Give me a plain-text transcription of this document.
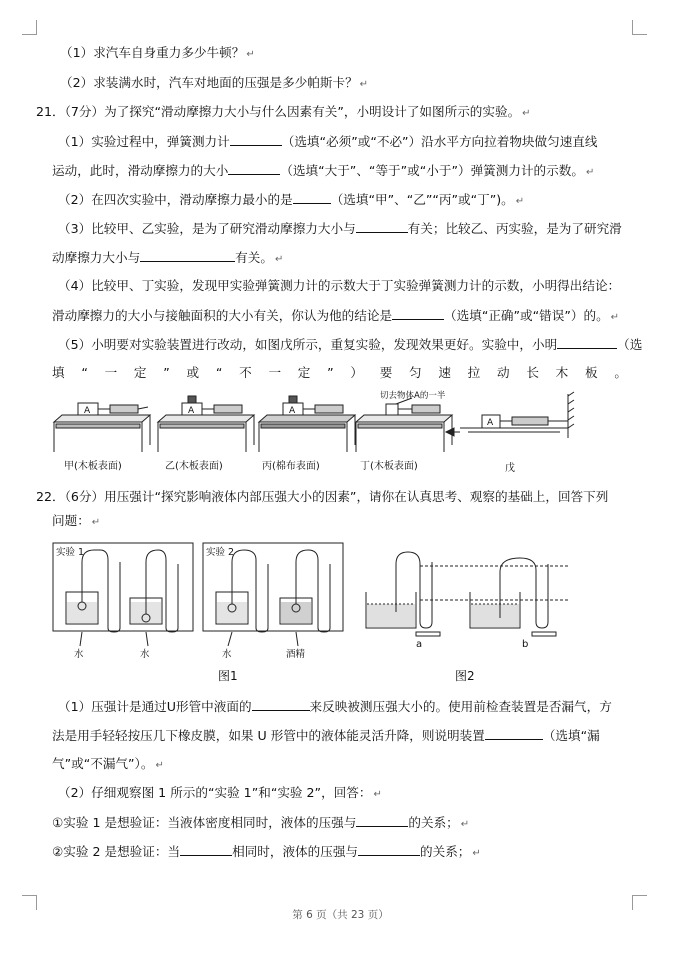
（1）求汽车自身重力多少牛顿？ ↵
（2）求装满水时，汽车对地面的压强是多少帕斯卡？ ↵
21．（7分）为了探究“滑动摩擦力大小与什么因素有关”，小明设计了如图所示的实验。 ↵
（1）实验过程中，弹簧测力计	（选填“必须”或“不必”）沿水平方向拉着物块做匀速直线
运动，此时，滑动摩擦力的大小	（选填“大于”、“等于”或“小于”）弹簧测力计的示数。 ↵
（2）在四次实验中，滑动摩擦力最小的是	（选填“甲”、“乙”“丙”或“丁”)。 ↵
（3）比较甲、乙实验，是为了研究滑动摩擦力大小与	有关；比较乙、丙实验，是为了研究滑
动摩擦力大小与	有关。 ↵
（4）比较甲、丁实验，发现甲实验弹簧测力计的示数大于丁实验弹簧测力计的示数，小明得出结论：
滑动摩擦力的大小与接触面积的大小有关，你认为他的结论是	（选填“正确”或“错误”）的。 ↵
（5）小明要对实验装置进行改动，如图戊所示，重复实验，发现效果更好。实验中，小明	（选
填 “ 一 定 ” 或 “ 不 一 定 ” ） 要 匀 速 拉 动 长 木 板 。
A	A	A
切去物体A的一半
A
甲(木板表面)	乙(木板表面)	丙(棉布表面)	丁(木板表面)	戊
22．（6分）用压强计“探究影响液体内部压强大小的因素”，请你在认真思考、观察的基础上，回答下列
问题： ↵
实验 1	实验 2
水	水	水	酒精
图1
a	b
图2
（1）压强计是通过U形管中液面的	来反映被测压强大小的。使用前检查装置是否漏气，方
法是用手轻轻按压几下橡皮膜，如果 U 形管中的液体能灵活升降，则说明装置	（选填“漏
气”或“不漏气”）。 ↵
（2）仔细观察图 1 所示的“实验 1”和“实验 2”，回答： ↵
①实验 1 是想验证：当液体密度相同时，液体的压强与	的关系； ↵
②实验 2 是想验证：当	相同时，液体的压强与	的关系； ↵
第 6 页（共 23 页）
